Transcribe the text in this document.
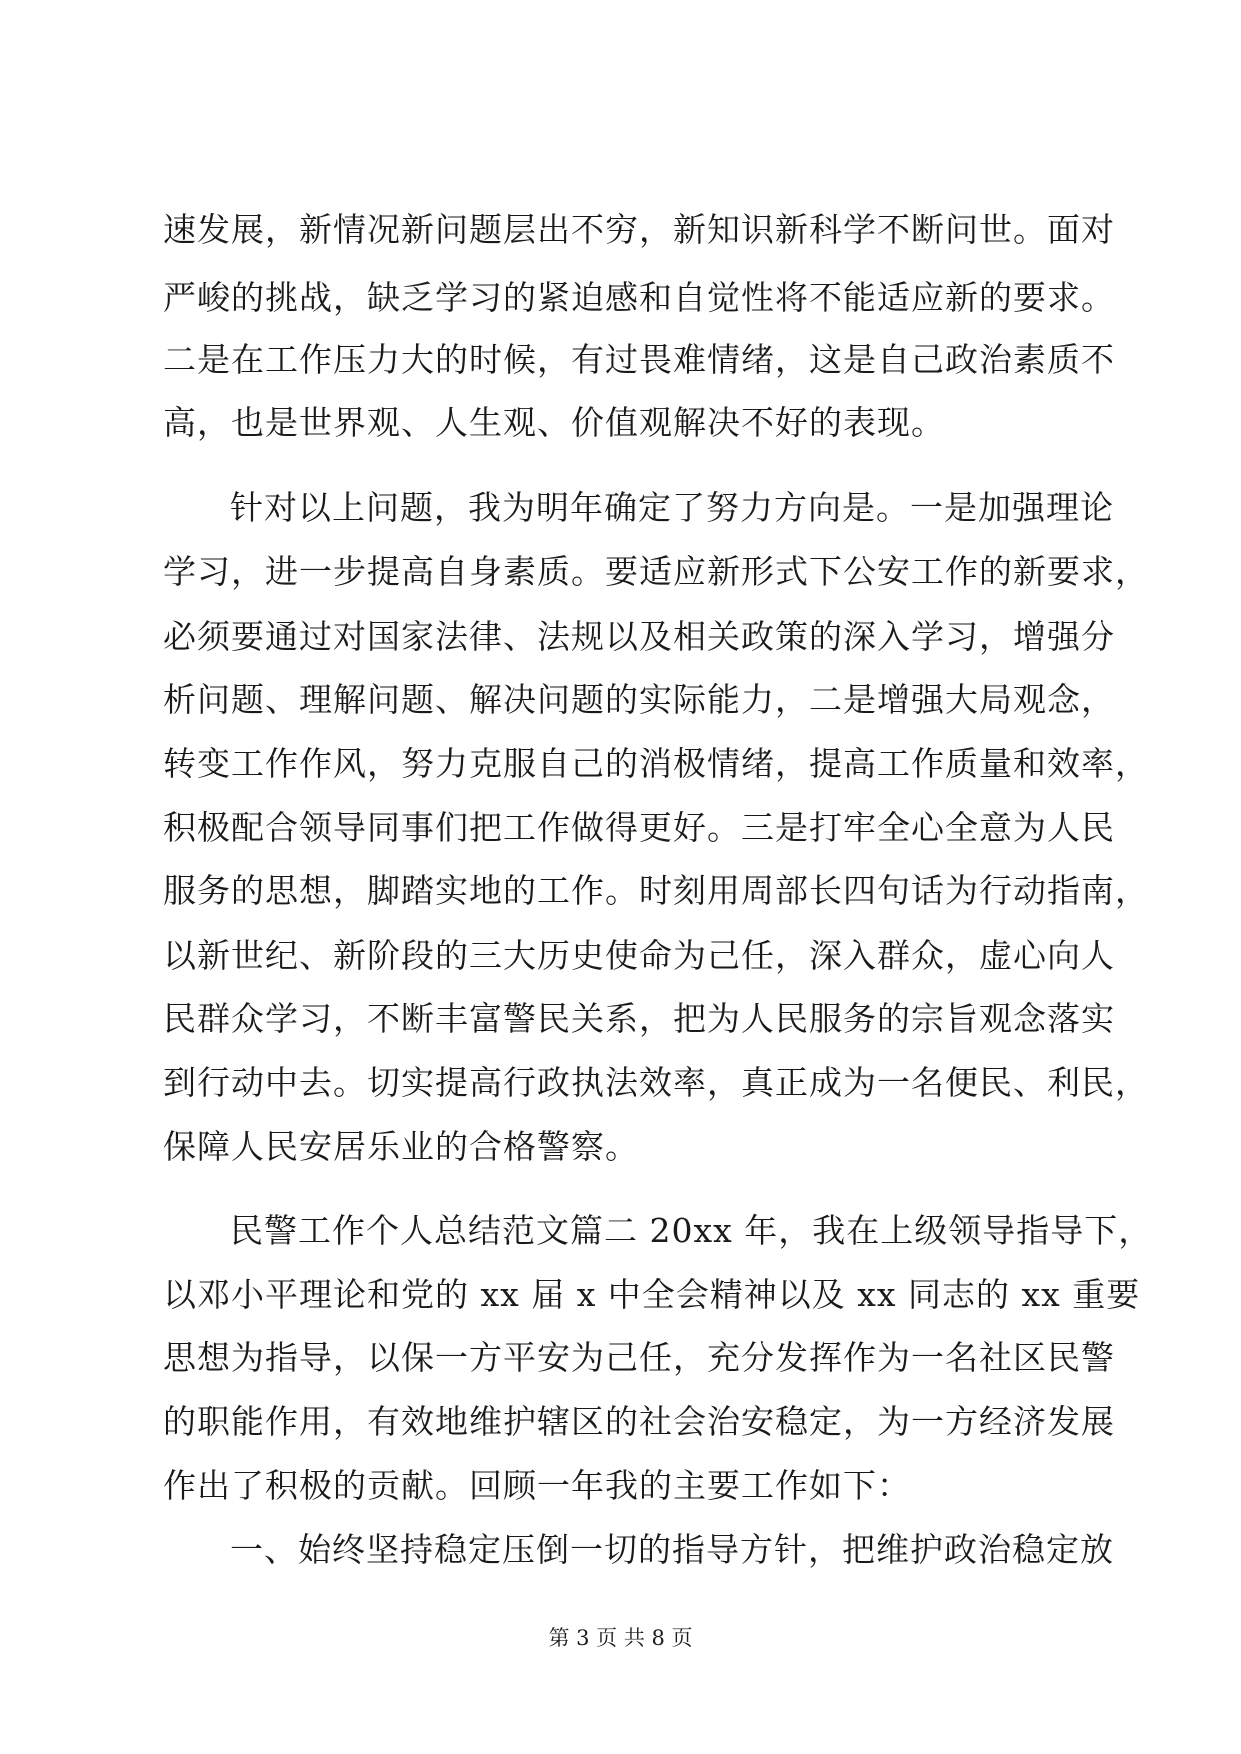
速发展，新情况新问题层出不穷，新知识新科学不断问世。面对
严峻的挑战，缺乏学习的紧迫感和自觉性将不能适应新的要求。
二是在工作压力大的时候，有过畏难情绪，这是自己政治素质不
高，也是世界观、人生观、价值观解决不好的表现。
针对以上问题，我为明年确定了努力方向是。一是加强理论
学习，进一步提高自身素质。要适应新形式下公安工作的新要求，
必须要通过对国家法律、法规以及相关政策的深入学习，增强分
析问题、理解问题、解决问题的实际能力，二是增强大局观念，
转变工作作风，努力克服自己的消极情绪，提高工作质量和效率，
积极配合领导同事们把工作做得更好。三是打牢全心全意为人民
服务的思想，脚踏实地的工作。时刻用周部长四句话为行动指南，
以新世纪、新阶段的三大历史使命为己任，深入群众，虚心向人
民群众学习，不断丰富警民关系，把为人民服务的宗旨观念落实
到行动中去。切实提高行政执法效率，真正成为一名便民、利民，
保障人民安居乐业的合格警察。
民警工作个人总结范文篇二 20xx 年，我在上级领导指导下，
以邓小平理论和党的 xx 届 x 中全会精神以及 xx 同志的 xx 重要
思想为指导，以保一方平安为己任，充分发挥作为一名社区民警
的职能作用，有效地维护辖区的社会治安稳定，为一方经济发展
作出了积极的贡献。回顾一年我的主要工作如下：
一、始终坚持稳定压倒一切的指导方针，把维护政治稳定放
第 3 页 共 8 页
